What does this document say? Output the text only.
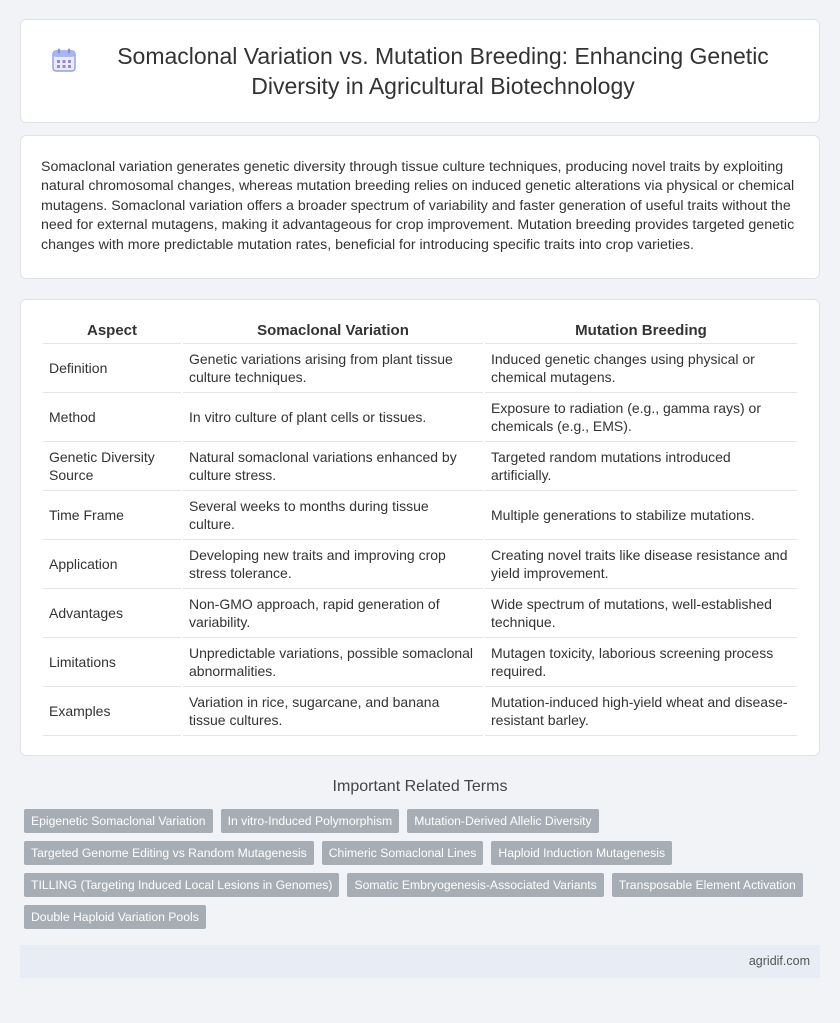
Somaclonal Variation vs. Mutation Breeding: Enhancing Genetic Diversity in Agricultural Biotechnology

Somaclonal variation generates genetic diversity through tissue culture techniques, producing novel traits by exploiting natural chromosomal changes, whereas mutation breeding relies on induced genetic alterations via physical or chemical mutagens. Somaclonal variation offers a broader spectrum of variability and faster generation of useful traits without the need for external mutagens, making it advantageous for crop improvement. Mutation breeding provides targeted genetic changes with more predictable mutation rates, beneficial for introducing specific traits into crop varieties.

Aspect	Somaclonal Variation	Mutation Breeding
Definition	Genetic variations arising from plant tissue culture techniques.	Induced genetic changes using physical or chemical mutagens.
Method	In vitro culture of plant cells or tissues.	Exposure to radiation (e.g., gamma rays) or chemicals (e.g., EMS).
Genetic Diversity Source	Natural somaclonal variations enhanced by culture stress.	Targeted random mutations introduced artificially.
Time Frame	Several weeks to months during tissue culture.	Multiple generations to stabilize mutations.
Application	Developing new traits and improving crop stress tolerance.	Creating novel traits like disease resistance and yield improvement.
Advantages	Non-GMO approach, rapid generation of variability.	Wide spectrum of mutations, well-established technique.
Limitations	Unpredictable variations, possible somaclonal abnormalities.	Mutagen toxicity, laborious screening process required.
Examples	Variation in rice, sugarcane, and banana tissue cultures.	Mutation-induced high-yield wheat and disease-resistant barley.
Important Related Terms
Epigenetic Somaclonal Variation	In vitro-Induced Polymorphism	Mutation-Derived Allelic Diversity
Targeted Genome Editing vs Random Mutagenesis	Chimeric Somaclonal Lines	Haploid Induction Mutagenesis
TILLING (Targeting Induced Local Lesions in Genomes)	Somatic Embryogenesis-Associated Variants	Transposable Element Activation
Double Haploid Variation Pools
agridif.com
